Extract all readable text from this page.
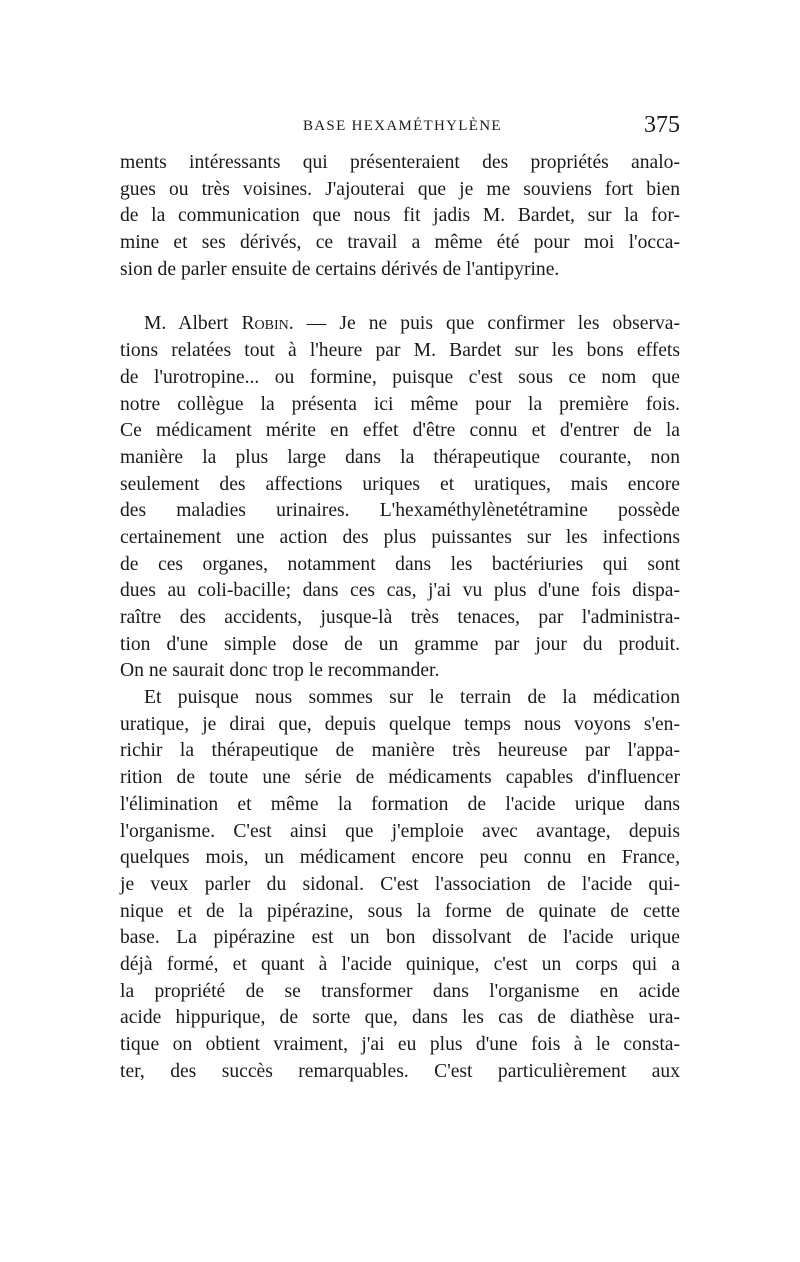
BASE HEXAMÉTHYLÈNE	375
ments intéressants qui présenteraient des propriétés analo-
gues ou très voisines. J'ajouterai que je me souviens fort bien
de la communication que nous fit jadis M. Bardet, sur la for-
mine et ses dérivés, ce travail a même été pour moi l'occa-
sion de parler ensuite de certains dérivés de l'antipyrine.
M. Albert Robin. — Je ne puis que confirmer les observa-
tions relatées tout à l'heure par M. Bardet sur les bons effets
de l'urotropine... ou formine, puisque c'est sous ce nom que
notre collègue la présenta ici même pour la première fois.
Ce médicament mérite en effet d'être connu et d'entrer de la
manière la plus large dans la thérapeutique courante, non
seulement des affections uriques et uratiques, mais encore
des maladies urinaires. L'hexaméthylènetétramine possède
certainement une action des plus puissantes sur les infections
de ces organes, notamment dans les bactériuries qui sont
dues au coli-bacille; dans ces cas, j'ai vu plus d'une fois dispa-
raître des accidents, jusque-là très tenaces, par l'administra-
tion d'une simple dose de un gramme par jour du produit.
On ne saurait donc trop le recommander.
Et puisque nous sommes sur le terrain de la médication
uratique, je dirai que, depuis quelque temps nous voyons s'en-
richir la thérapeutique de manière très heureuse par l'appa-
rition de toute une série de médicaments capables d'influencer
l'élimination et même la formation de l'acide urique dans
l'organisme. C'est ainsi que j'emploie avec avantage, depuis
quelques mois, un médicament encore peu connu en France,
je veux parler du sidonal. C'est l'association de l'acide qui-
nique et de la pipérazine, sous la forme de quinate de cette
base. La pipérazine est un bon dissolvant de l'acide urique
déjà formé, et quant à l'acide quinique, c'est un corps qui a
la propriété de se transformer dans l'organisme en acide
acide hippurique, de sorte que, dans les cas de diathèse ura-
tique on obtient vraiment, j'ai eu plus d'une fois à le consta-
ter, des succès remarquables. C'est particulièrement aux
